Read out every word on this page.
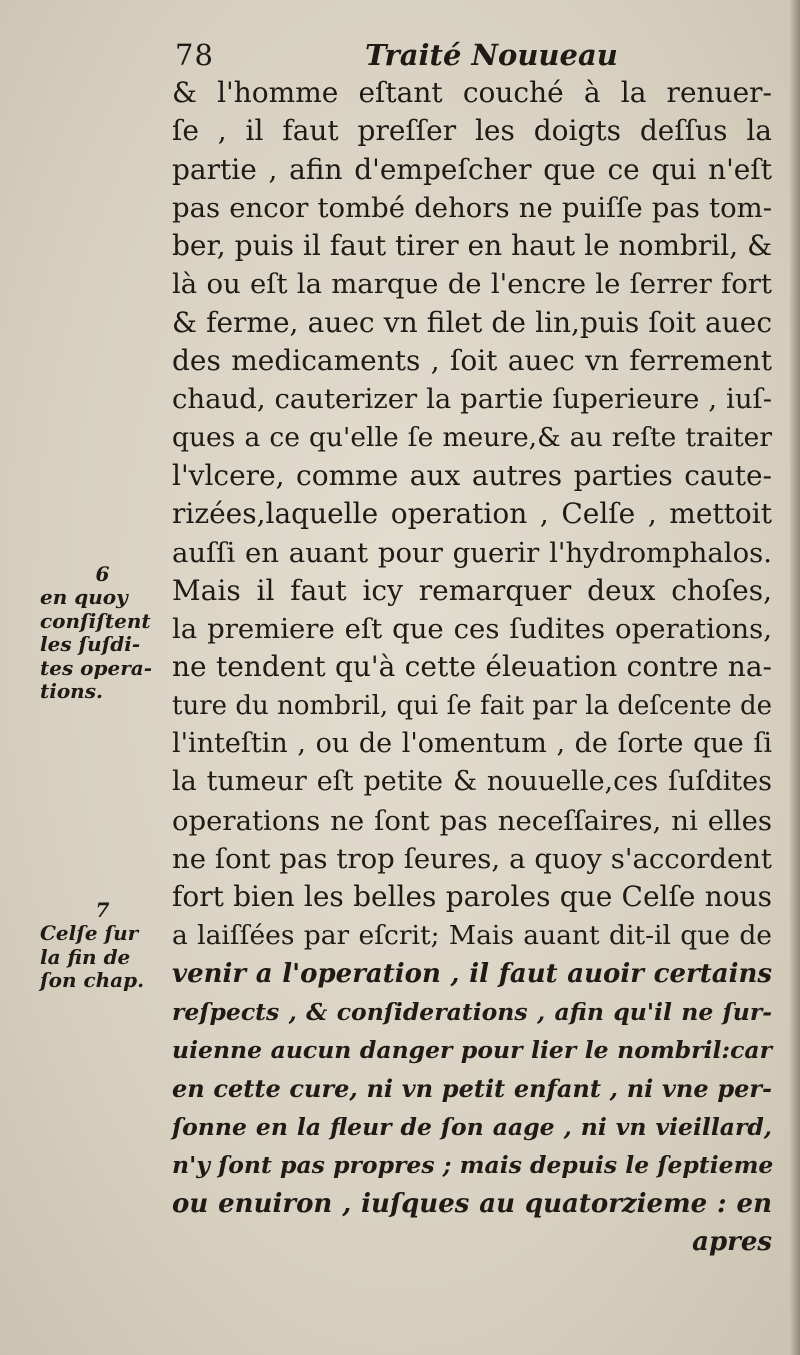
78	Traité Nouueau
& l'homme eſtant couché à la renuer-
ſe , il faut preſſer les doigts deſſus la
partie , afin d'empeſcher que ce qui n'eſt
pas encor tombé dehors ne puiſſe pas tom-
ber, puis il faut tirer en haut le nombril, &
là ou eſt la marque de l'encre le ſerrer fort
& ferme, auec vn filet de lin,puis ſoit auec
des medicaments , ſoit auec vn ferrement
chaud, cauterizer la partie ſuperieure , iuſ-
ques a ce qu'elle ſe meure,& au reſte traiter
l'vlcere, comme aux autres parties caute-
rizées,laquelle operation , Celſe , mettoit
auſſi en auant pour guerir l'hydromphalos.
Mais il faut icy remarquer deux choſes,
la premiere eſt que ces ſudites operations,
ne tendent qu'à cette éleuation contre na-
ture du nombril, qui ſe fait par la deſcente de
l'inteſtin , ou de l'omentum , de ſorte que ſi
la tumeur eſt petite & nouuelle,ces ſuſdites
operations ne ſont pas neceſſaires, ni elles
ne ſont pas trop ſeures, a quoy s'accordent
fort bien les belles paroles que Celſe nous
a laiſſées par eſcrit; Mais auant dit-il que de
venir a l'operation , il faut auoir certains
reſpects , & conſiderations , afin qu'il ne ſur-
uienne aucun danger pour lier le nombril:car
en cette cure, ni vn petit enfant , ni vne per-
ſonne en la fleur de ſon aage , ni vn vieillard,
n'y ſont pas propres ; mais depuis le ſeptieme
ou enuiron , iuſques au quatorzieme : en
apres
6
en quoy
conſiſtent
les ſuſdi-
tes opera-
tions.
7
Celſe ſur
la fin de
ſon chap.
